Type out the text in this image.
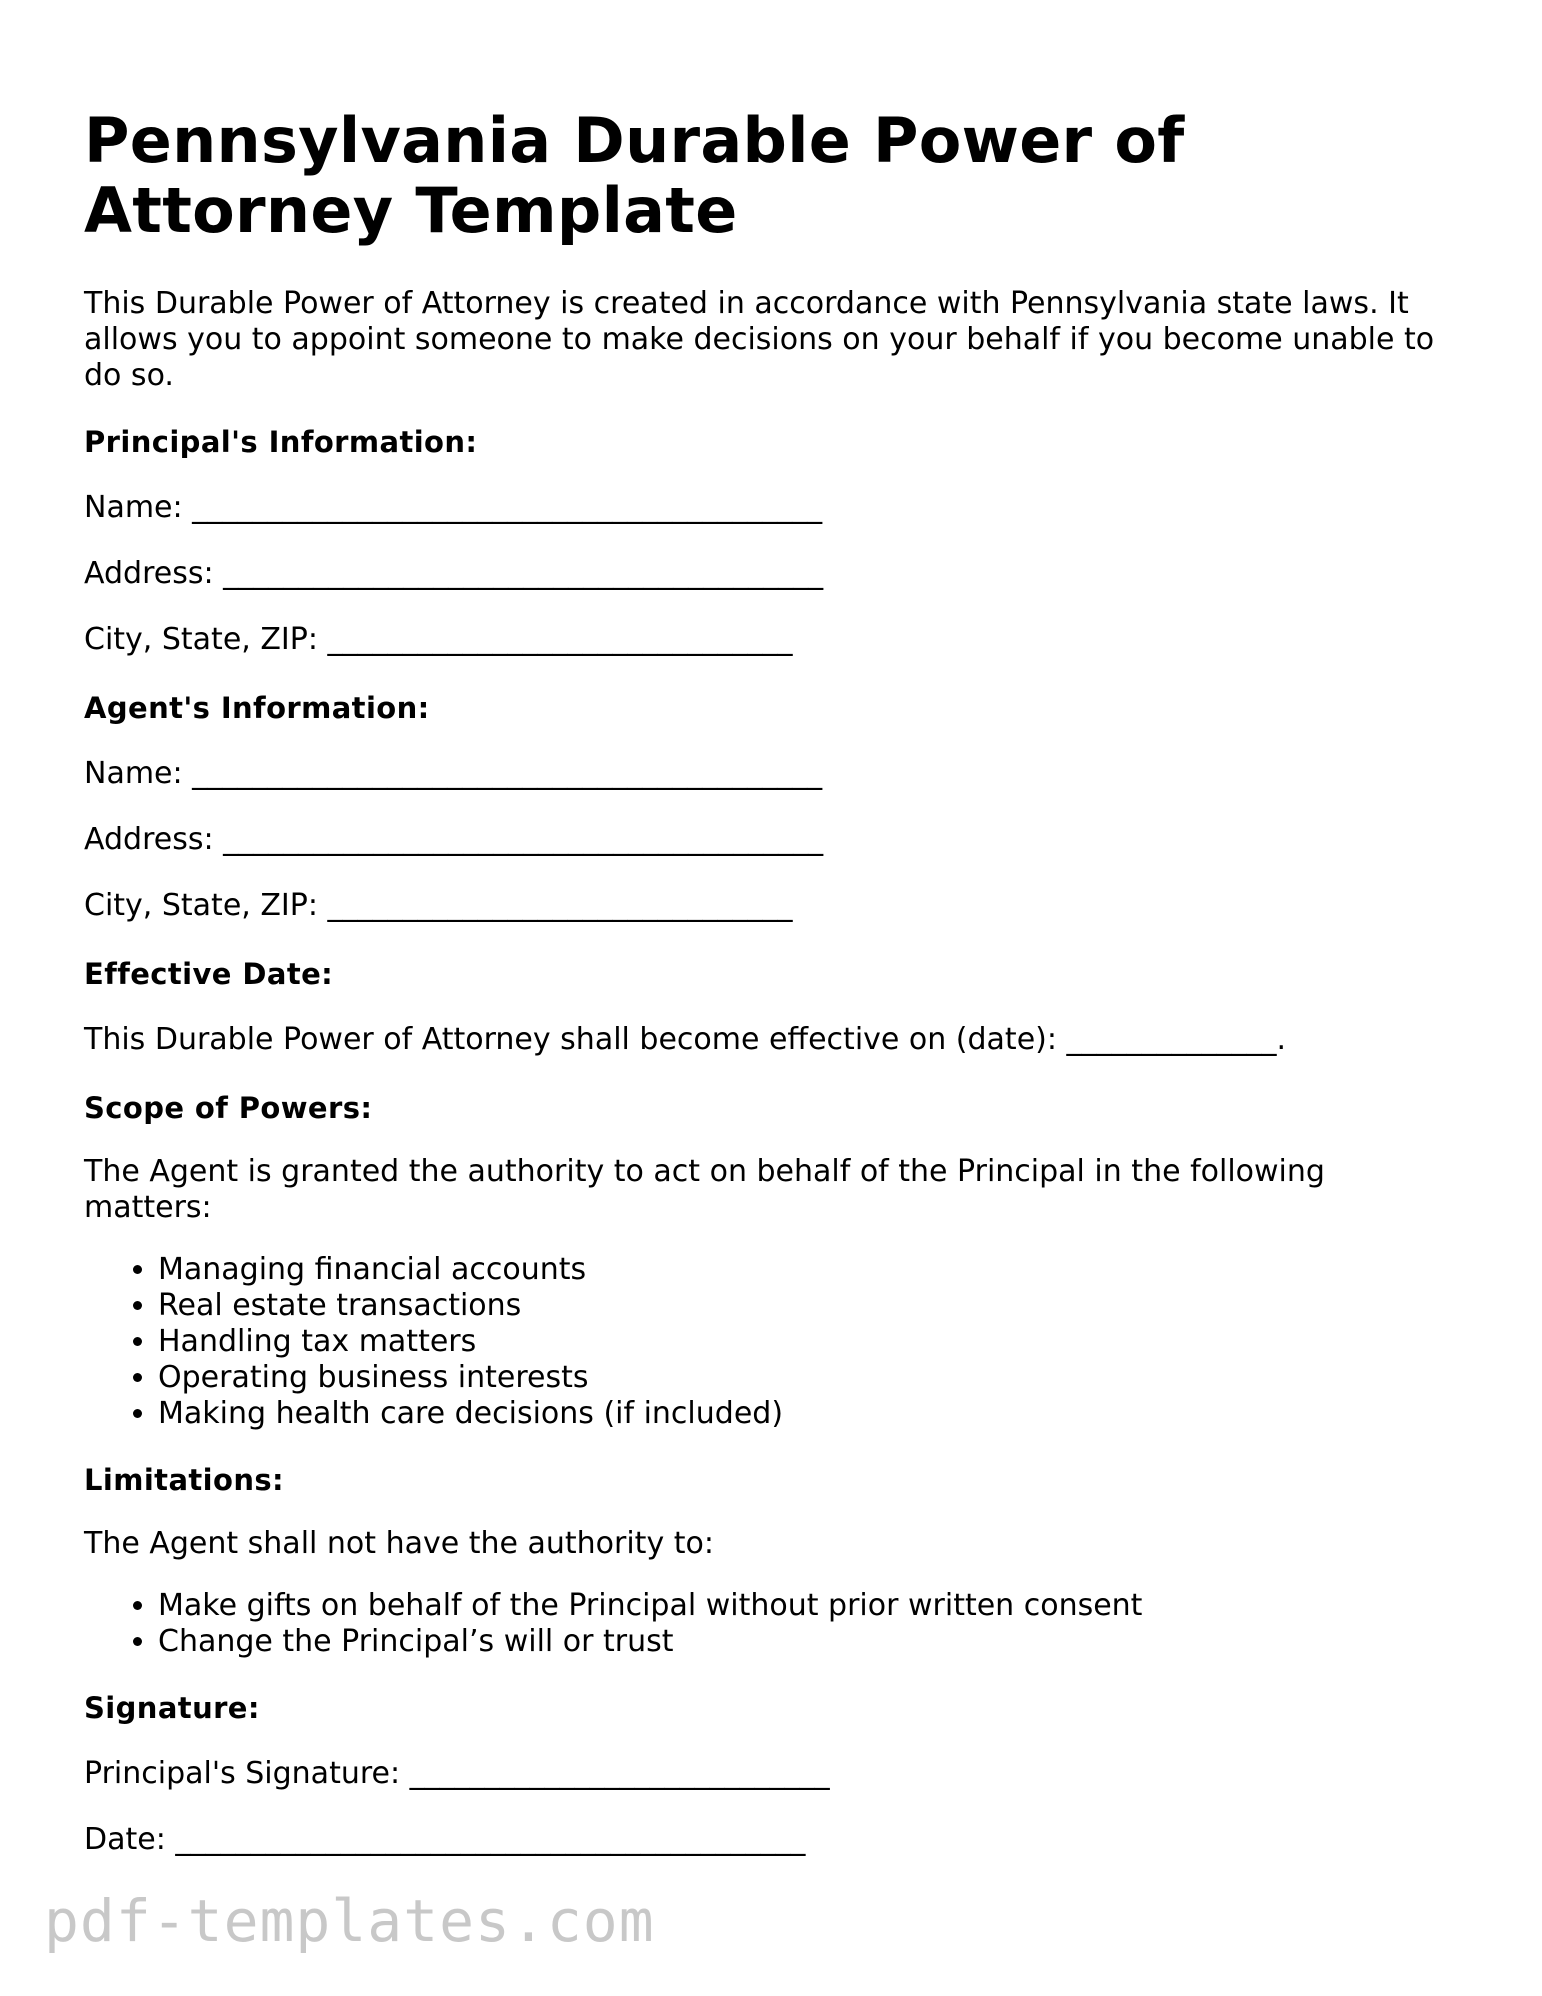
Pennsylvania Durable Power of Attorney Template

This Durable Power of Attorney is created in accordance with Pennsylvania state laws. It allows you to appoint someone to make decisions on your behalf if you become unable to do so.

Principal's Information:
Name: __________________________________________
Address: ________________________________________
City, State, ZIP: _______________________________
Agent's Information:
Name: __________________________________________
Address: ________________________________________
City, State, ZIP: _______________________________
Effective Date:
This Durable Power of Attorney shall become effective on (date): ______________.
Scope of Powers:

The Agent is granted the authority to act on behalf of the Principal in the following matters:

• Managing financial accounts
• Real estate transactions
• Handling tax matters
• Operating business interests
• Making health care decisions (if included)
Limitations:

The Agent shall not have the authority to:

• Make gifts on behalf of the Principal without prior written consent
• Change the Principal’s will or trust
Signature:
Principal's Signature: ____________________________
Date: __________________________________________
pdf-templates.com
